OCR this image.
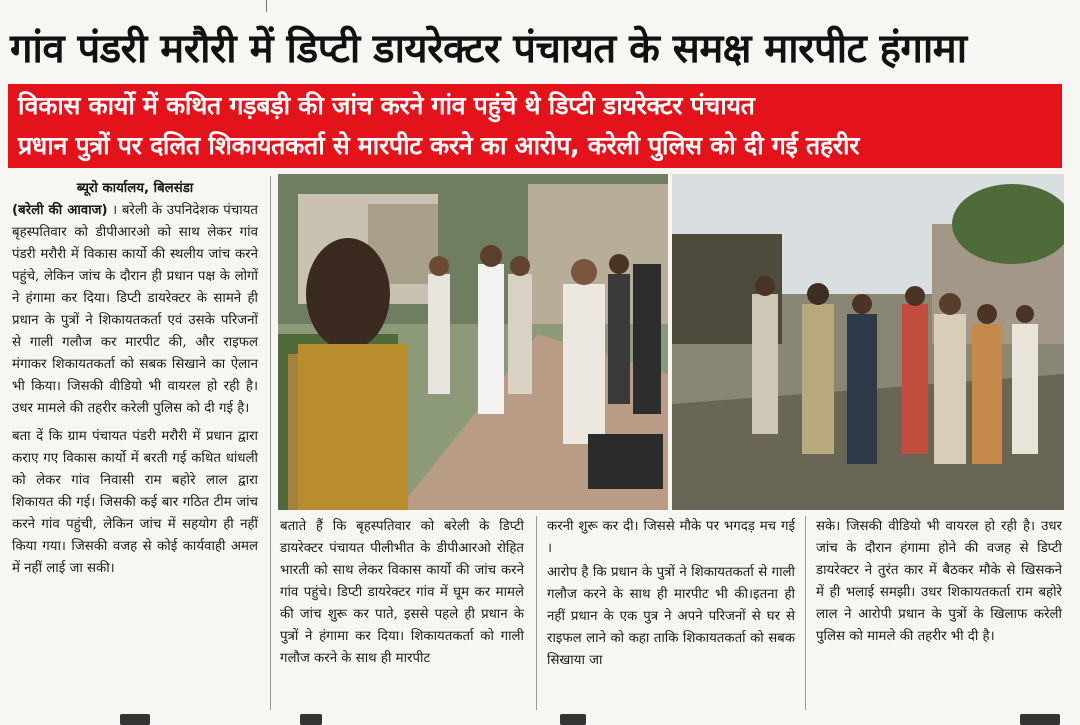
गांव पंडरी मरौरी में डिप्टी डायरेक्टर पंचायत के समक्ष मारपीट हंगामा
विकास कार्यो में कथित गड़बड़ी की जांच करने गांव पहुंचे थे डिप्टी डायरेक्टर पंचायत
प्रधान पुत्रों पर दलित शिकायतकर्ता से मारपीट करने का आरोप, करेली पुलिस को दी गई तहरीर

ब्यूरो कार्यालय, बिलसंडा

(बरेली की आवाज) । बरेली के उपनिदेशक पंचायत बृहस्पतिवार को डीपीआरओ को साथ लेकर गांव पंडरी मरौरी में विकास कार्यो की स्थलीय जांच करने पहुंचे, लेकिन जांच के दौरान ही प्रधान पक्ष के लोगों ने हंगामा कर दिया। डिप्टी डायरेक्टर के सामने ही प्रधान के पुत्रों ने शिकायतकर्ता एवं उसके परिजनों से गाली गलौज कर मारपीट की, और राइफल मंगाकर शिकायतकर्ता को सबक सिखाने का ऐलान भी किया। जिसकी वीडियो भी वायरल हो रही है। उधर मामले की तहरीर करेली पुलिस को दी गई है।

बता दें कि ग्राम पंचायत पंडरी मरौरी में प्रधान द्वारा कराए गए विकास कार्यो में बरती गई कथित धांधली को लेकर गांव निवासी राम बहोरे लाल द्वारा शिकायत की गई। जिसकी कई बार गठित टीम जांच करने गांव पहुंची, लेकिन जांच में सहयोग ही नहीं किया गया। जिसकी वजह से कोई कार्यवाही अमल में नहीं लाई जा सकी।

बताते हैं कि बृहस्पतिवार को बरेली के डिप्टी डायरेक्टर पंचायत पीलीभीत के डीपीआरओ रोहित भारती को साथ लेकर विकास कार्यो की जांच करने गांव पहुंचे। डिप्टी डायरेक्टर गांव में घूम कर मामले की जांच शुरू कर पाते, इससे पहले ही प्रधान के पुत्रों ने हंगामा कर दिया। शिकायतकर्ता को गाली गलौज करने के साथ ही मारपीट

करनी शुरू कर दी। जिससे मौके पर भगदड़ मच गई ।

आरोप है कि प्रधान के पुत्रों ने शिकायतकर्ता से गाली गलौज करने के साथ ही मारपीट भी की।इतना ही नहीं प्रधान के एक पुत्र ने अपने परिजनों से घर से राइफल लाने को कहा ताकि शिकायतकर्ता को सबक सिखाया जा

सके। जिसकी वीडियो भी वायरल हो रही है। उधर जांच के दौरान हंगामा होने की वजह से डिप्टी डायरेक्टर ने तुरंत कार में बैठकर मौके से खिसकने में ही भलाई समझी। उधर शिकायतकर्ता राम बहोरे लाल ने आरोपी प्रधान के पुत्रों के खिलाफ करेली पुलिस को मामले की तहरीर भी दी है।
